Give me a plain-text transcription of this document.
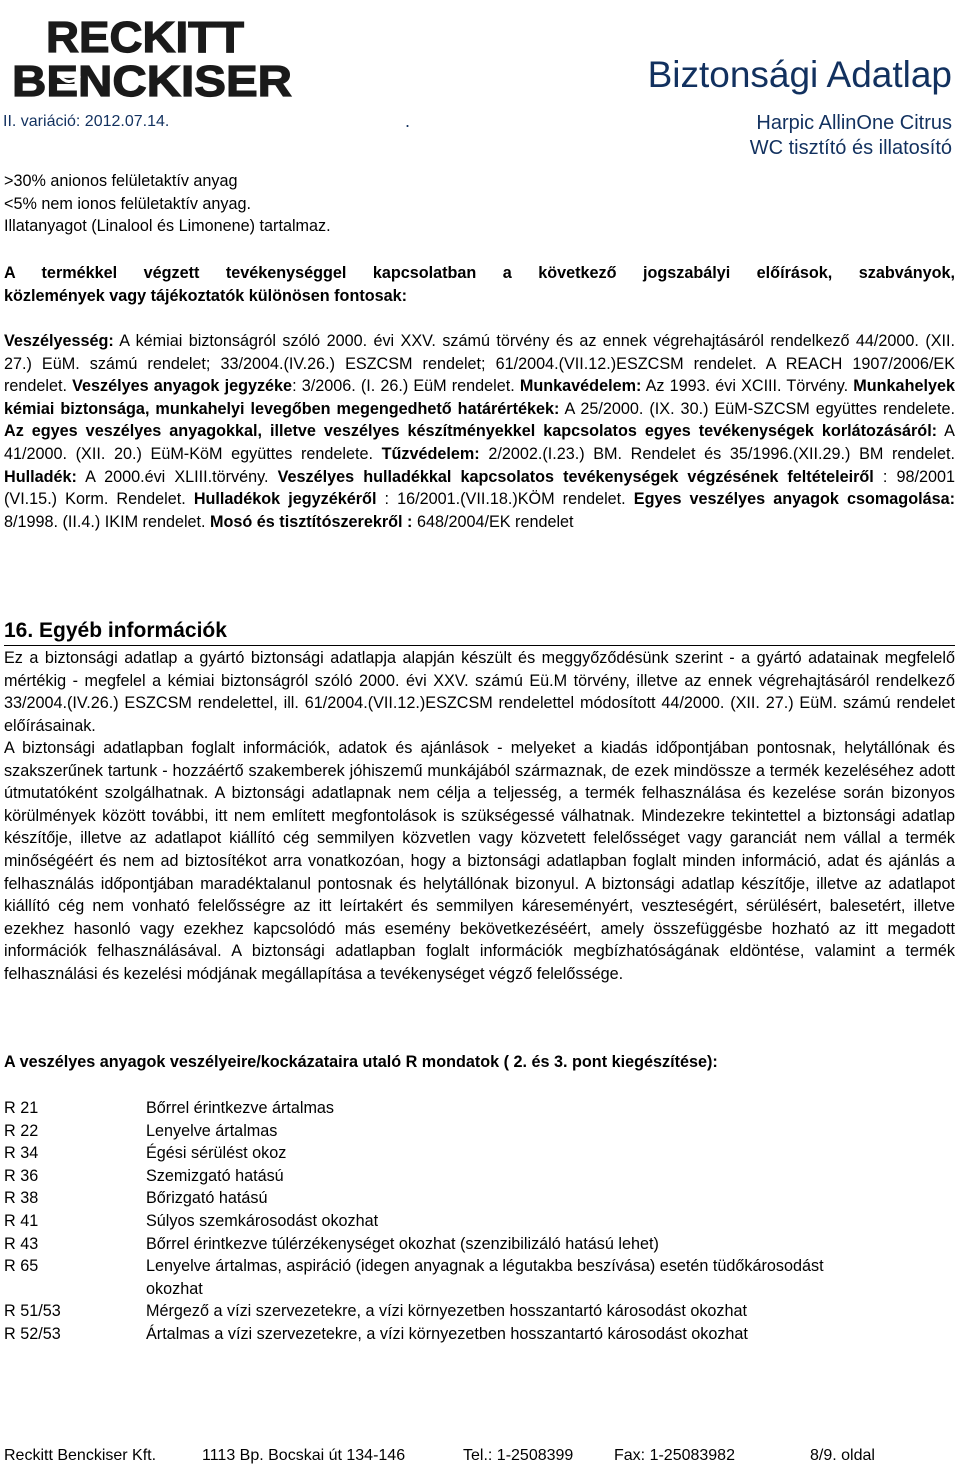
RECKITT
BENCKISER	Biztonsági Adatlap
II. variáció: 2012.07.14.	.	Harpic AllinOne Citrus
WC tisztító és illatosító
>30% anionos felületaktív anyag
<5% nem ionos felületaktív anyag.
Illatanyagot (Linalool és Limonene) tartalmaz.
A termékkel végzett tevékenységgel kapcsolatban a következő jogszabályi előírások, szabványok,
közlemények vagy tájékoztatók különösen fontosak:
Veszélyesség: A kémiai biztonságról szóló 2000. évi XXV. számú törvény és az ennek végrehajtásáról rendelkező 44/2000. (XII. 27.) EüM. számú rendelet; 33/2004.(IV.26.) ESZCSM rendelet; 61/2004.(VII.12.)ESZCSM rendelet. A REACH 1907/2006/EK rendelet. Veszélyes anyagok jegyzéke: 3/2006. (I. 26.) EüM rendelet. Munkavédelem: Az 1993. évi XCIII. Törvény. Munkahelyek kémiai biztonsága, munkahelyi levegőben megengedhető határértékek: A 25/2000. (IX. 30.) EüM-SZCSM együttes rendelete. Az egyes veszélyes anyagokkal, illetve veszélyes készítményekkel kapcsolatos egyes tevékenységek korlátozásáról: A 41/2000. (XII. 20.) EüM-KöM együttes rendelete. Tűzvédelem: 2/2002.(I.23.) BM. Rendelet és 35/1996.(XII.29.) BM rendelet. Hulladék: A 2000.évi XLIII.törvény. Veszélyes hulladékkal kapcsolatos tevékenységek végzésének feltételeiről : 98/2001 (VI.15.) Korm. Rendelet. Hulladékok jegyzékéről : 16/2001.(VII.18.)KÖM rendelet. Egyes veszélyes anyagok csomagolása: 8/1998. (II.4.) IKIM rendelet. Mosó és tisztítószerekről : 648/2004/EK rendelet
16. Egyéb információk
Ez a biztonsági adatlap a gyártó biztonsági adatlapja alapján készült és meggyőződésünk szerint - a gyártó adatainak megfelelő mértékig - megfelel a kémiai biztonságról szóló 2000. évi XXV. számú Eü.M törvény, illetve az ennek végrehajtásáról rendelkező 33/2004.(IV.26.) ESZCSM rendelettel, ill. 61/2004.(VII.12.)ESZCSM rendelettel módosított 44/2000. (XII. 27.) EüM. számú rendelet előírásainak.
A biztonsági adatlapban foglalt információk, adatok és ajánlások - melyeket a kiadás időpontjában pontosnak, helytállónak és szakszerűnek tartunk - hozzáértő szakemberek jóhiszemű munkájából származnak, de ezek mindössze a termék kezeléséhez adott útmutatóként szolgálhatnak. A biztonsági adatlapnak nem célja a teljesség, a termék felhasználása és kezelése során bizonyos körülmények között további, itt nem említett megfontolások is szükségessé válhatnak. Mindezekre tekintettel a biztonsági adatlap készítője, illetve az adatlapot kiállító cég semmilyen közvetlen vagy közvetett felelősséget vagy garanciát nem vállal a termék minőségéért és nem ad biztosítékot arra vonatkozóan, hogy a biztonsági adatlapban foglalt minden információ, adat és ajánlás a felhasználás időpontjában maradéktalanul pontosnak és helytállónak bizonyul. A biztonsági adatlap készítője, illetve az adatlapot kiállító cég nem vonható felelősségre az itt leírtakért és semmilyen káreseményért, veszteségért, sérülésért, balesetért, illetve ezekhez hasonló vagy ezekhez kapcsolódó más esemény bekövetkezéséért, amely összefüggésbe hozható az itt megadott információk felhasználásával. A biztonsági adatlapban foglalt információk megbízhatóságának eldöntése, valamint a termék felhasználási és kezelési módjának megállapítása a tevékenységet végző felelőssége.
A veszélyes anyagok veszélyeire/kockázataira utaló R mondatok ( 2. és 3. pont kiegészítése):
R 21	Bőrrel érintkezve ártalmas
R 22	Lenyelve ártalmas
R 34	Égési sérülést okoz
R 36	Szemizgató hatású
R 38	Bőrizgató hatású
R 41	Súlyos szemkárosodást okozhat
R 43	Bőrrel érintkezve túlérzékenységet okozhat (szenzibilizáló hatású lehet)
R 65	Lenyelve ártalmas, aspiráció (idegen anyagnak a légutakba beszívása) esetén tüdőkárosodást okozhat
R 51/53	Mérgező a vízi szervezetekre, a vízi környezetben hosszantartó károsodást okozhat
R 52/53	Ártalmas a vízi szervezetekre, a vízi környezetben hosszantartó károsodást okozhat
Reckitt Benckiser Kft.	1113 Bp. Bocskai út 134-146	Tel.: 1-2508399	Fax: 1-25083982	8/9. oldal
